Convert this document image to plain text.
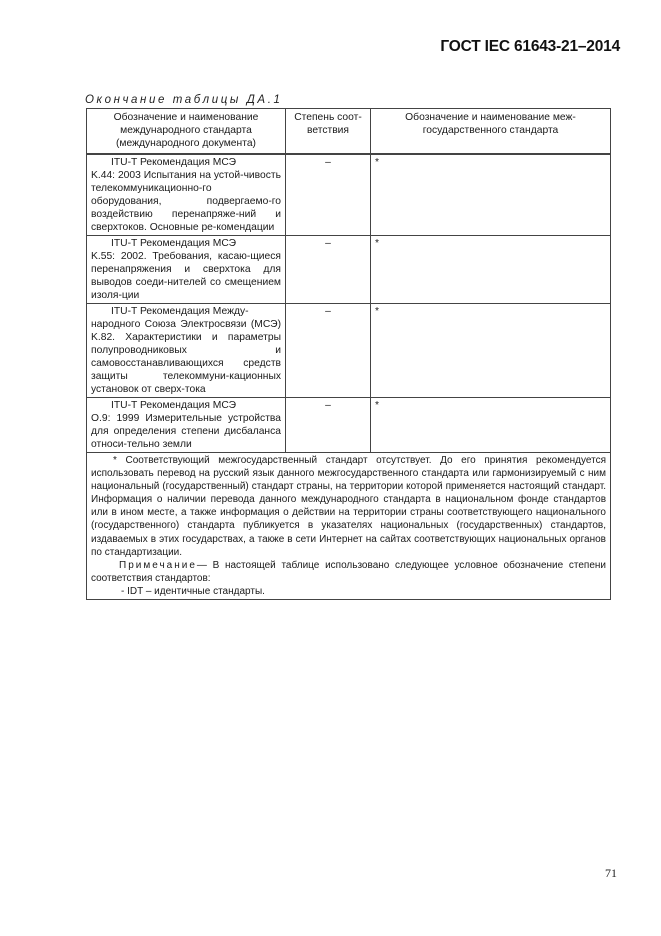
ГОСТ IEC 61643-21–2014
Окончание таблицы ДА.1
Обозначение и наименование международного стандарта (международного документа)	Степень соот-ветствия	Обозначение и наименование меж-государственного стандарта

ITU-T Рекомендация МСЭ
K.44: 2003 Испытания на устой-чивость телекоммуникационно-го оборудования, подвергаемо-го воздействию перенапряже-ний и сверхтоков. Основные ре-комендации	–	*

ITU-T Рекомендация МСЭ
K.55: 2002. Требования, касаю-щиеся перенапряжения и сверхтока для выводов соеди-нителей со смещением изоля-ции	–	*

ITU-T Рекомендация Между-
народного Союза Электросвязи (МСЭ) K.82. Характеристики и параметры полупроводниковых и самовосстанавливающихся средств защиты телекоммуни-кационных установок от сверх-тока	–	*

ITU-T Рекомендация МСЭ
O.9: 1999 Измерительные устройства для определения степени дисбаланса относи-тельно земли	–	*

* Соответствующий межгосударственный стандарт отсутствует. До его принятия рекомендуется использовать перевод на русский язык данного межгосударственного стандарта или гармонизируемый с ним национальный (государственный) стандарт страны, на территории которой применяется настоящий стандарт. Информация о наличии перевода данного международного стандарта в национальном фонде стандартов или в ином месте, а также информация о действии на территории страны соответствующего национального (государственного) стандарта публикуется в указателях национальных (государственных) стандартов, издаваемых в этих государствах, а также в сети Интернет на сайтах соответствующих национальных органов по стандартизации.

Примечание— В настоящей таблице использовано следующее условное обозначение степени соответствия стандартов:

- IDT – идентичные стандарты.		

71
